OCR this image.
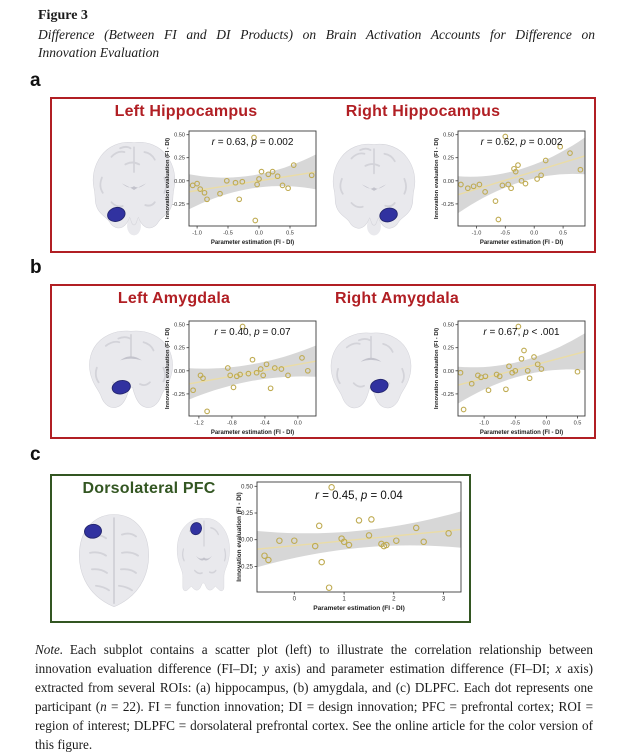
Figure 3
Difference (Between FI and DI Products) on Brain Activation Accounts for Difference on
Innovation Evaluation
a
Left Hippocampus	Right Hippocampus
-1.0	-0.5	0.0	0.5
0.50
0.25
0.00
-0.25
Parameter estimation (FI - DI)
Innovation evaluation (FI - DI)	r = 0.63, p = 0.002
-1.0	-0.5	0.0	0.5
0.50
0.25
0.00
-0.25
Parameter estimation (FI - DI)
Innovation evaluation (FI - DI)	r = 0.62, p = 0.002
b
Left Amygdala	Right Amygdala
-1.2	-0.8	-0.4	0.0
0.50
0.25
0.00
-0.25
Parameter estimation (FI - DI)
Innovation evaluation (FI - DI)	r = 0.40, p = 0.07
-1.0	-0.5	0.0	0.5
0.50
0.25
0.00
-0.25
Parameter estimation (FI - DI)
Innovation evaluation (FI - DI)	r = 0.67, p < .001
c
Dorsolateral PFC
0	1	2	3
0.50
0.25
0.00
-0.25
Parameter estimation (FI - DI)
Innovation evaluation (FI - DI)	r = 0.45, p = 0.04

Note. Each subplot contains a scatter plot (left) to illustrate the correlation relationship between innovation evaluation difference (FI–DI; y axis) and parameter estimation difference (FI–DI; x axis) extracted from several ROIs: (a) hippocampus, (b) amygdala, and (c) DLPFC. Each dot represents one participant (n = 22). FI = function innovation; DI = design innovation; PFC = prefrontal cortex; ROI = region of interest; DLPFC = dorsolateral prefrontal cortex. See the online article for the color version of this figure.
